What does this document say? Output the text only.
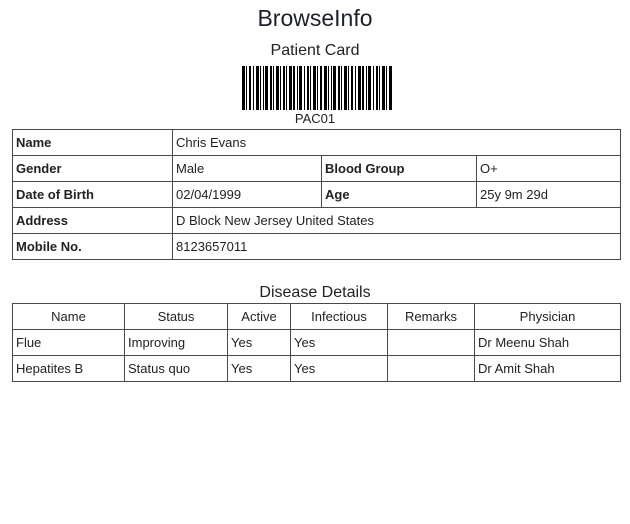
BrowseInfo
Patient Card
PAC01
Name	Chris Evans		
Gender	Male	Blood Group	O+
Date of Birth	02/04/1999	Age	25y 9m 29d
Address	D Block New Jersey United States		
Mobile No.	8123657011		
Disease Details
Name	Status	Active	Infectious	Remarks	Physician
Flue	Improving	Yes	Yes		Dr Meenu Shah
Hepatites B	Status quo	Yes	Yes		Dr Amit Shah
